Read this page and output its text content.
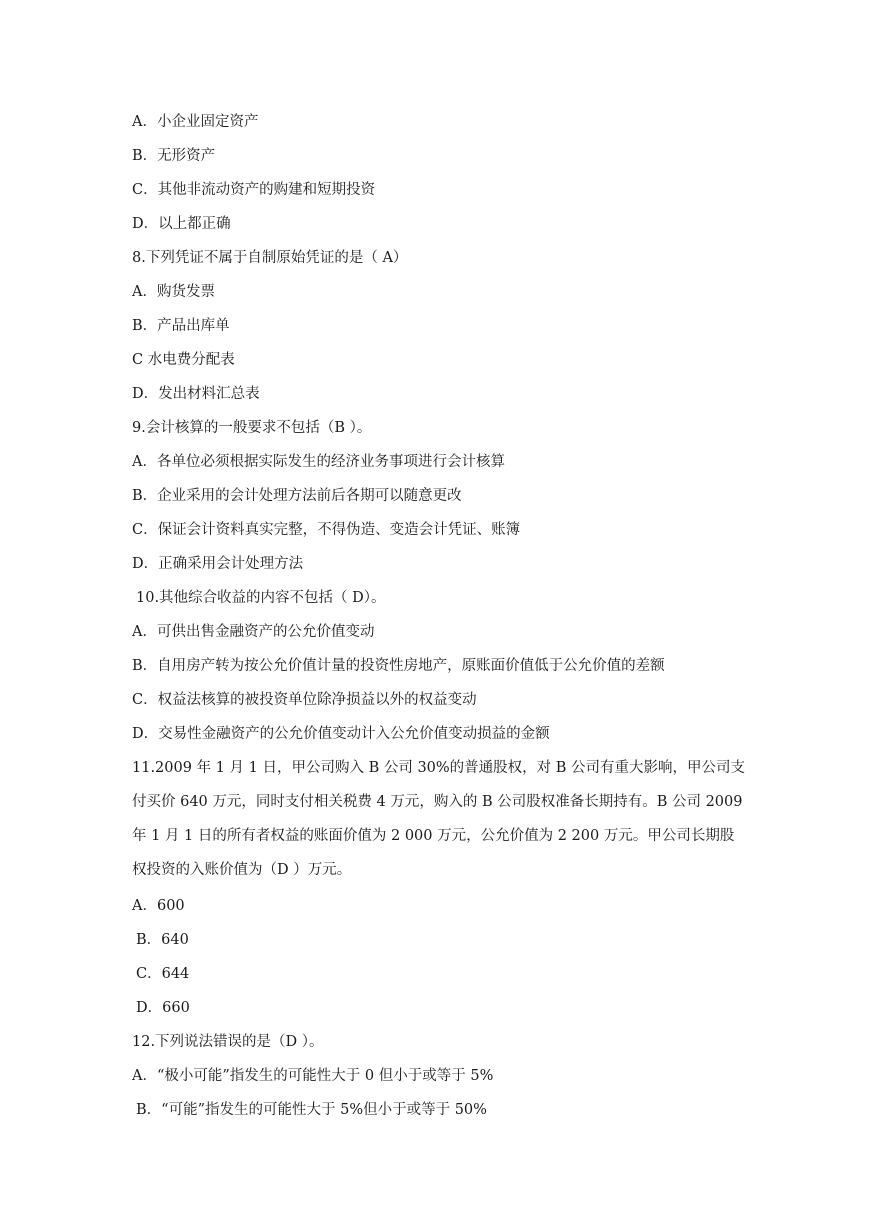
A．小企业固定资产
B．无形资产
C．其他非流动资产的购建和短期投资
D．以上都正确
8.下列凭证不属于自制原始凭证的是（ A）
A．购货发票
B．产品出库单
C 水电费分配表
D．发出材料汇总表
9.会计核算的一般要求不包括（B ）。
A．各单位必须根据实际发生的经济业务事项进行会计核算
B．企业采用的会计处理方法前后各期可以随意更改
C．保证会计资料真实完整，不得伪造、变造会计凭证、账簿
D．正确采用会计处理方法
10.其他综合收益的内容不包括（ D）。
A．可供出售金融资产的公允价值变动
B．自用房产转为按公允价值计量的投资性房地产，原账面价值低于公允价值的差额
C．权益法核算的被投资单位除净损益以外的权益变动
D．交易性金融资产的公允价值变动计入公允价值变动损益的金额
11.2009 年 1 月 1 日，甲公司购入 B 公司 30%的普通股权，对 B 公司有重大影响，甲公司支
付买价 640 万元，同时支付相关税费 4 万元，购入的 B 公司股权准备长期持有。B 公司 2009
年 1 月 1 日的所有者权益的账面价值为 2 000 万元，公允价值为 2 200 万元。甲公司长期股
权投资的入账价值为（D ）万元。
A．600
B．640
C．644
D．660
12.下列说法错误的是（D ）。
A．“极小可能”指发生的可能性大于 0 但小于或等于 5%
B．“可能”指发生的可能性大于 5%但小于或等于 50%
